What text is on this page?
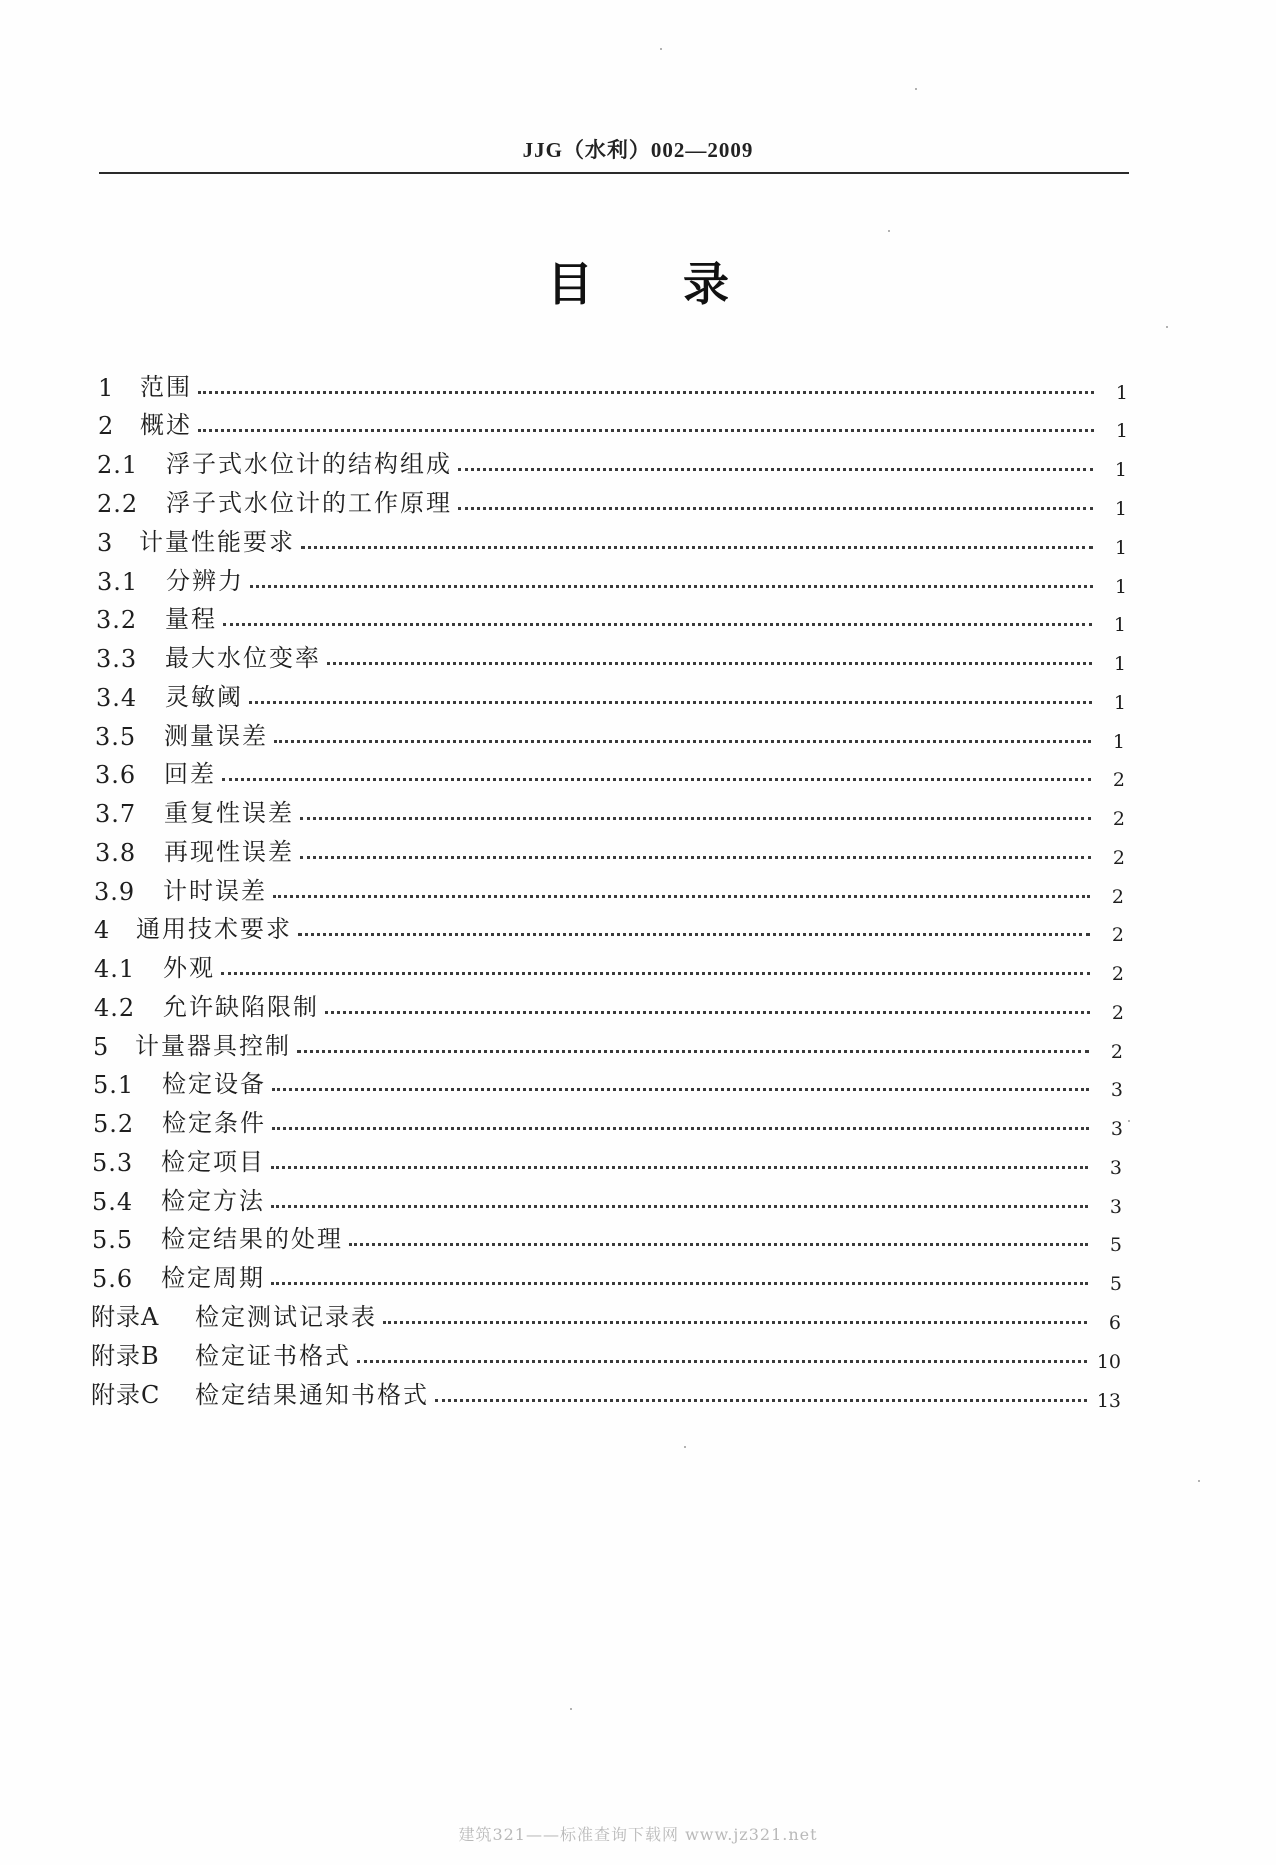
JJG（水利）002—2009
目录
1	范围	1
2	概述	1
2.1	浮子式水位计的结构组成	1
2.2	浮子式水位计的工作原理	1
3	计量性能要求	1
3.1	分辨力	1
3.2	量程	1
3.3	最大水位变率	1
3.4	灵敏阈	1
3.5	测量误差	1
3.6	回差	2
3.7	重复性误差	2
3.8	再现性误差	2
3.9	计时误差	2
4	通用技术要求	2
4.1	外观	2
4.2	允许缺陷限制	2
5	计量器具控制	2
5.1	检定设备	3
5.2	检定条件	3
5.3	检定项目	3
5.4	检定方法	3
5.5	检定结果的处理	5
5.6	检定周期	5
附录A	检定测试记录表	6
附录B	检定证书格式	10
附录C	检定结果通知书格式	13
建筑321——标准查询下载网 www.jz321.net
